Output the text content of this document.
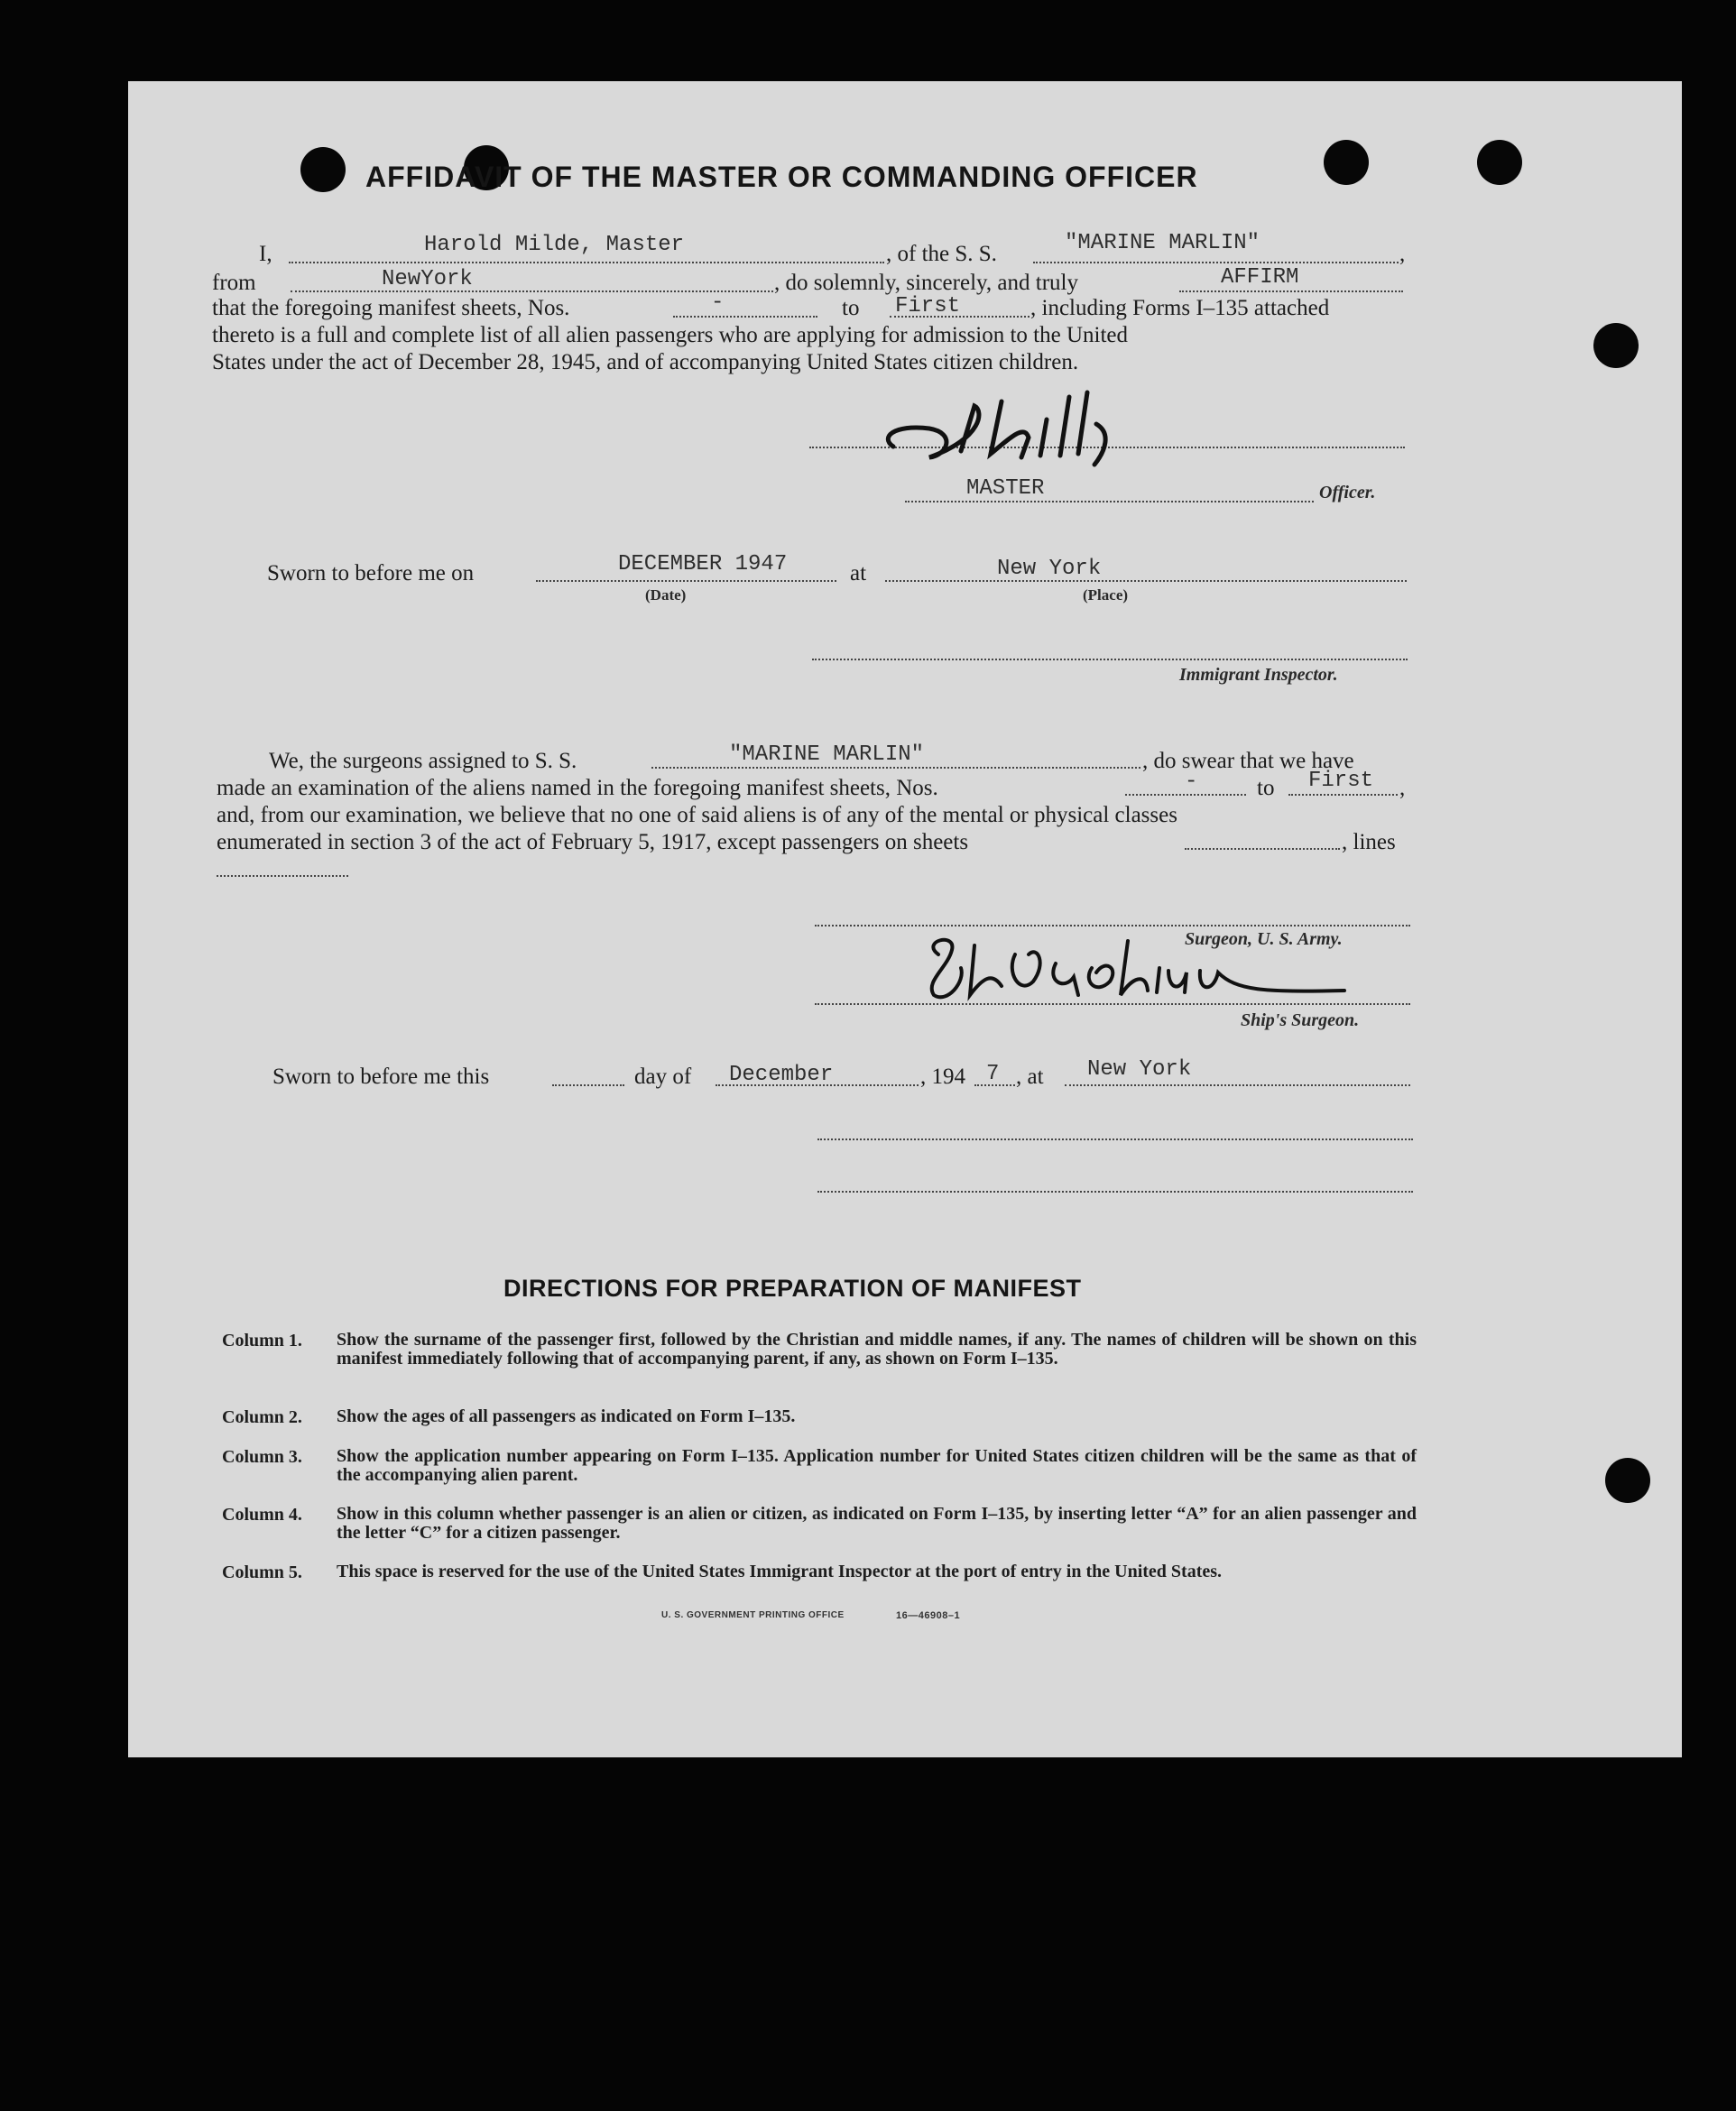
AFFIDAVIT OF THE MASTER OR COMMANDING OFFICER
I,	Harold Milde, Master	, of the S. S.	"MARINE MARLIN"	,
from	NewYork	, do solemnly, sincerely, and truly	AFFIRM
that the foregoing manifest sheets, Nos.	-	to First	, including Forms I–135 attached
thereto is a full and complete list of all alien passengers who are applying for admission to the United
States under the act of December 28, 1945, and of accompanying United States citizen children.
MASTER	Officer.
Sworn to before me on	DECEMBER 1947
(Date)
at	New York
(Place)
Immigrant Inspector.
We, the surgeons assigned to S. S.	"MARINE MARLIN"	, do swear that we have
made an examination of the aliens named in the foregoing manifest sheets, Nos.	-	to First ,
and, from our examination, we believe that no one of said aliens is of any of the mental or physical classes
enumerated in section 3 of the act of February 5, 1917, except passengers on sheets	, lines
Surgeon, U. S. Army.
Ship's Surgeon.
Sworn to before me this	day of December	, 194 7 , at New York
DIRECTIONS FOR PREPARATION OF MANIFEST
Column 1. Show the surname of the passenger first, followed by the Christian and middle names, if any. The names of children will be shown on this manifest immediately following that of accompanying parent, if any, as shown on Form I–135.
Column 2. Show the ages of all passengers as indicated on Form I–135.
Column 3. Show the application number appearing on Form I–135. Application number for United States citizen children will be the same as that of the accompanying alien parent.
Column 4. Show in this column whether passenger is an alien or citizen, as indicated on Form I–135, by inserting letter “A” for an alien passenger and the letter “C” for a citizen passenger.
Column 5. This space is reserved for the use of the United States Immigrant Inspector at the port of entry in the United States.
U. S. GOVERNMENT PRINTING OFFICE	16—46908–1
